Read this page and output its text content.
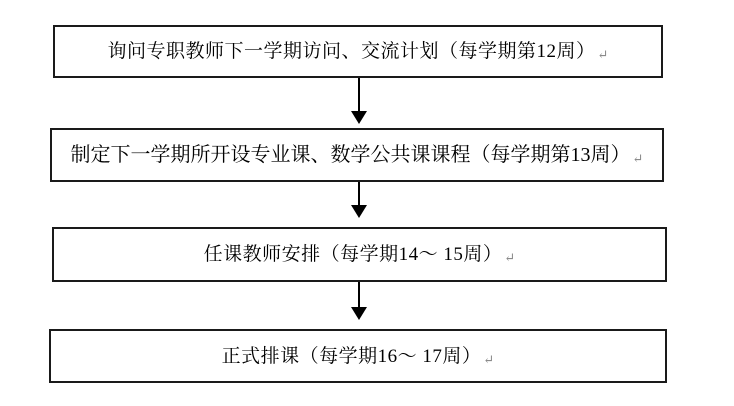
询问专职教师下一学期访问、交流计划（每学期第12周） ↵
制定下一学期所开设专业课、数学公共课课程（每学期第13周） ↵
任课教师安排（每学期14～ 15周） ↵
正式排课（每学期16～ 17周） ↵
